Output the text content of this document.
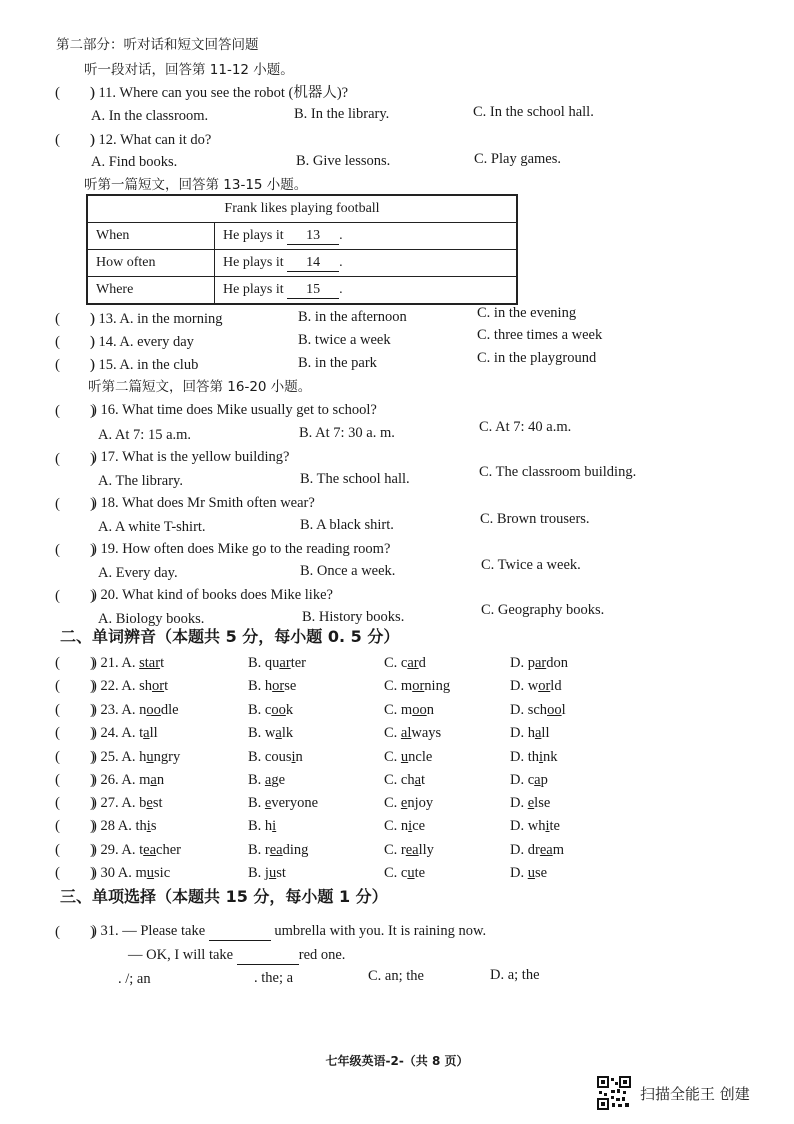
第二部分：听对话和短文回答问题
听一段对话，回答第 11-12 小题。
(　　)
) 11. Where can you see the robot (机器人)?
A. In the classroom.	B. In the library.	C. In the school hall.
(　　)
) 12. What can it do?
A. Find books.	B. Give lessons.	C. Play games.
听第一篇短文，回答第 13-15 小题。
Frank likes playing football	
When	He plays it 13 .
How often	He plays it 14 .
Where	He plays it 15 .
(　　)
) 13. A. in the morning	B. in the afternoon	C. in the evening
(　　)
) 14. A. every day	B. twice a week	C. three times a week
(　　)
) 15. A. in the club	B. in the park	C. in the playground
听第二篇短文，回答第 16-20 小题。
(　　)
) 16. What time does Mike usually get to school?
A. At 7: 15 a.m.	B. At 7: 30 a. m.	C. At 7: 40 a.m.
(　　)
) 17. What is the yellow building?
A. The library.	B. The school hall.	C. The classroom building.
(　　)
) 18. What does Mr Smith often wear?
A. A white T-shirt.	B. A black shirt.	C. Brown trousers.
(　　)
) 19. How often does Mike go to the reading room?
A. Every day.	B. Once a week.	C. Twice a week.
(　　)
) 20. What kind of books does Mike like?
A. Biology books.	B. History books.	C. Geography books.
二、单词辨音（本题共 5 分，每小题 0. 5 分）
(　　)
) 21. A. start	B. quarter	C. card	D. pardon
(　　)
) 22. A. short	B. horse	C. morning	D. world
(　　)
) 23. A. noodle	B. cook	C. moon	D. school
(　　)
) 24. A. tall	B. walk	C. always	D. hall
(　　)
) 25. A. hungry	B. cousin	C. uncle	D. think
(　　)
) 26. A. man	B. age	C. chat	D. cap
(　　)
) 27. A. best	B. everyone	C. enjoy	D. else
(　　)
) 28 A. this	B. hi	C. nice	D. white
(　　)
) 29. A. teacher	B. reading	C. really	D. dream
(　　)
) 30 A. music	B. just	C. cute	D. use
三、单项选择（本题共 15 分，每小题 1 分）
(　　)
) 31. — Please take	umbrella with you. It is raining now.
— OK, I will take	red one.
. /; an	. the; a	C. an; the	D. a; the
七年级英语-2-（共 8 页）
扫描全能王 创建
